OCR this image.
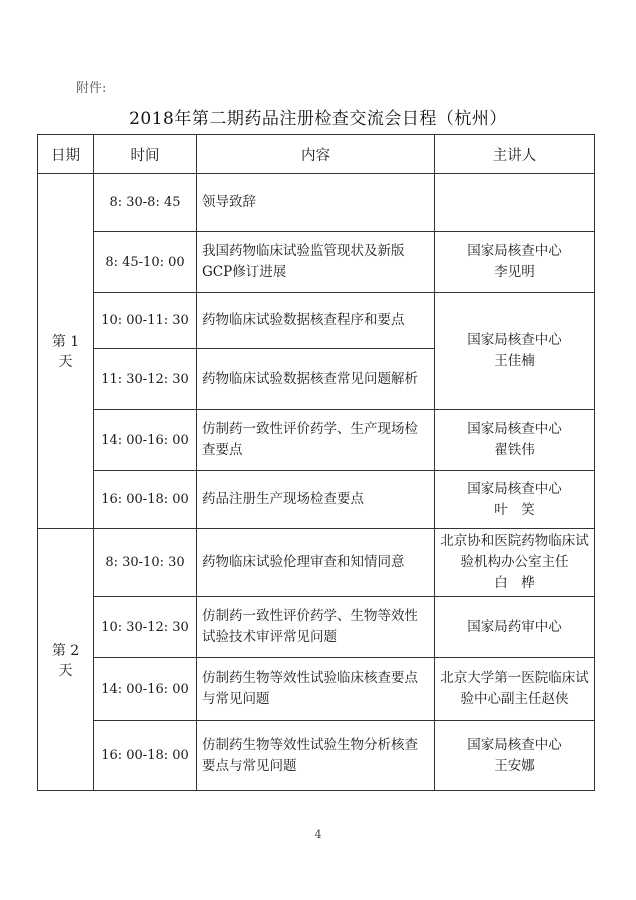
附件:
2018年第二期药品注册检查交流会日程（杭州）
日期	时间	内容	主讲人
第 1 天	8: 30-8: 45	领导致辞	
	8: 45-10: 00	我国药物临床试验监管现状及新版GCP修订进展	国家局核查中心
李见明
	10: 00-11: 30	药物临床试验数据核查程序和要点	国家局核查中心
王佳楠
	11: 30-12: 30	药物临床试验数据核查常见问题解析	
	14: 00-16: 00	仿制药一致性评价药学、生产现场检查要点	国家局核查中心
翟铁伟
	16: 00-18: 00	药品注册生产现场检查要点	国家局核查中心
叶　笑
第 2 天	8: 30-10: 30	药物临床试验伦理审查和知情同意	北京协和医院药物临床试验机构办公室主任
白　桦
	10: 30-12: 30	仿制药一致性评价药学、生物等效性试验技术审评常见问题	国家局药审中心
	14: 00-16: 00	仿制药生物等效性试验临床核查要点与常见问题	北京大学第一医院临床试验中心副主任赵侠
	16: 00-18: 00	仿制药生物等效性试验生物分析核查要点与常见问题	国家局核查中心
王安娜
4
